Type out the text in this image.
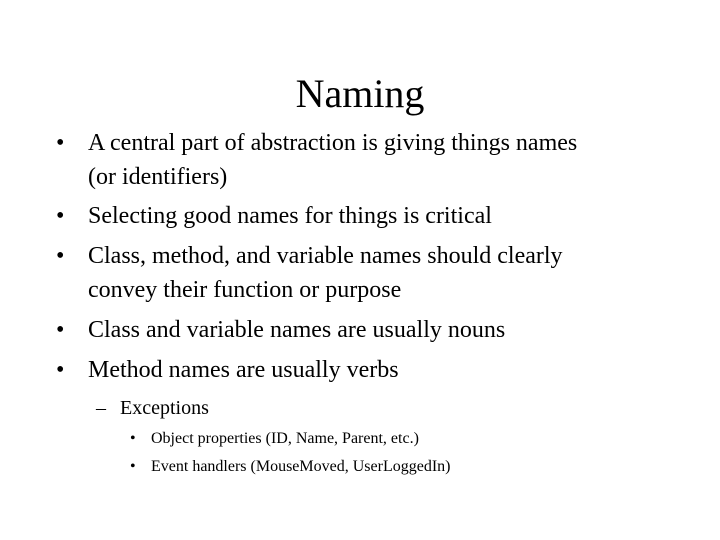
Naming
• A central part of abstraction is giving things names
(or identifiers)
• Selecting good names for things is critical
• Class, method, and variable names should clearly
convey their function or purpose
• Class and variable names are usually nouns
• Method names are usually verbs
– Exceptions
• Object properties (ID, Name, Parent, etc.)
• Event handlers (MouseMoved, UserLoggedIn)
